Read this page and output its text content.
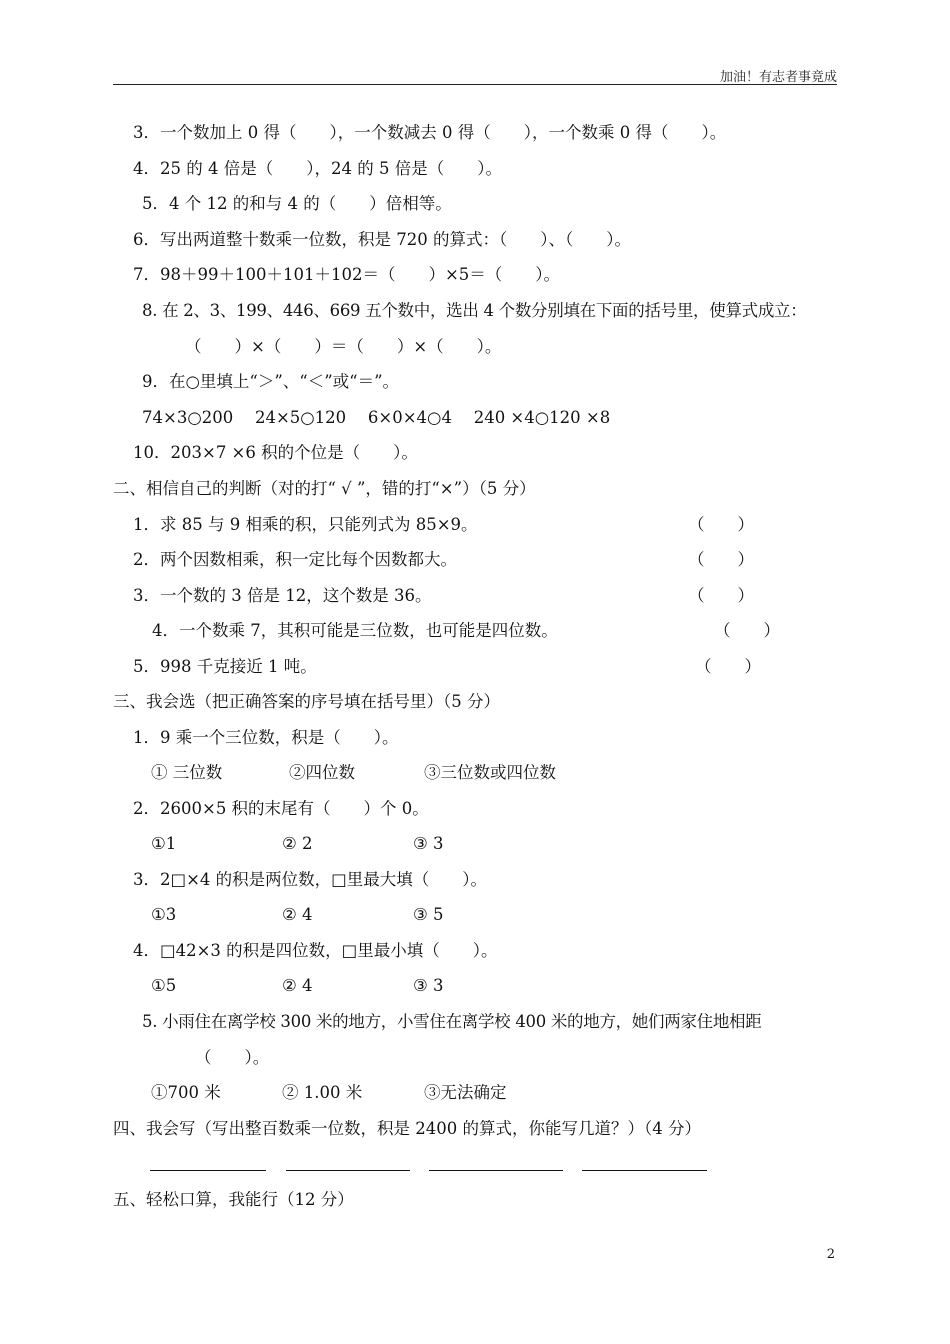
加油！有志者事竟成
3．一个数加上 0 得（　　），一个数减去 0 得（　　），一个数乘 0 得（　　）。
4．25 的 4 倍是（　　），24 的 5 倍是（　　）。
5．4 个 12 的和与 4 的（　　）倍相等。
6．写出两道整十数乘一位数，积是 720 的算式：（　　）、（　　）。
7．98＋99＋100＋101＋102＝（　　）×5＝（　　）。
8. 在 2、3、199、446、669 五个数中，选出 4 个数分别填在下面的括号里，使算式成立：
（　　）×（　　）＝（　　）×（　　）。
9．在○里填上“＞”、“＜”或“＝”。
74×3○200　 24×5○120　 6×0×4○4　 240 ×4○120 ×8
10．203×7 ×6 积的个位是（　　）。
二、相信自己的判断（对的打“ √ ”，错的打“×”）（5 分）
1．求 85 与 9 相乘的积，只能列式为 85×9。	（　　）
2．两个因数相乘，积一定比每个因数都大。	（　　）
3．一个数的 3 倍是 12，这个数是 36。	（　　）
4．一个数乘 7，其积可能是三位数，也可能是四位数。	（　　）
5．998 千克接近 1 吨。	（　　）
三、我会选（把正确答案的序号填在括号里）（5 分）
1．9 乘一个三位数，积是（　　）。
① 三位数	②四位数	③三位数或四位数
2．2600×5 积的末尾有（　　）个 0。
①1	② 2	③ 3
3．2□×4 的积是两位数，□里最大填（　　）。
①3	② 4	③ 5
4．□42×3 的积是四位数，□里最小填（　　）。
①5	② 4	③ 3
5. 小雨住在离学校 300 米的地方，小雪住在离学校 400 米的地方，她们两家住地相距
（　　）。
①700 米	② 1.00 米	③无法确定
四、我会写（写出整百数乘一位数，积是 2400 的算式，你能写几道？）（4 分）
五、轻松口算，我能行（12 分）
2
